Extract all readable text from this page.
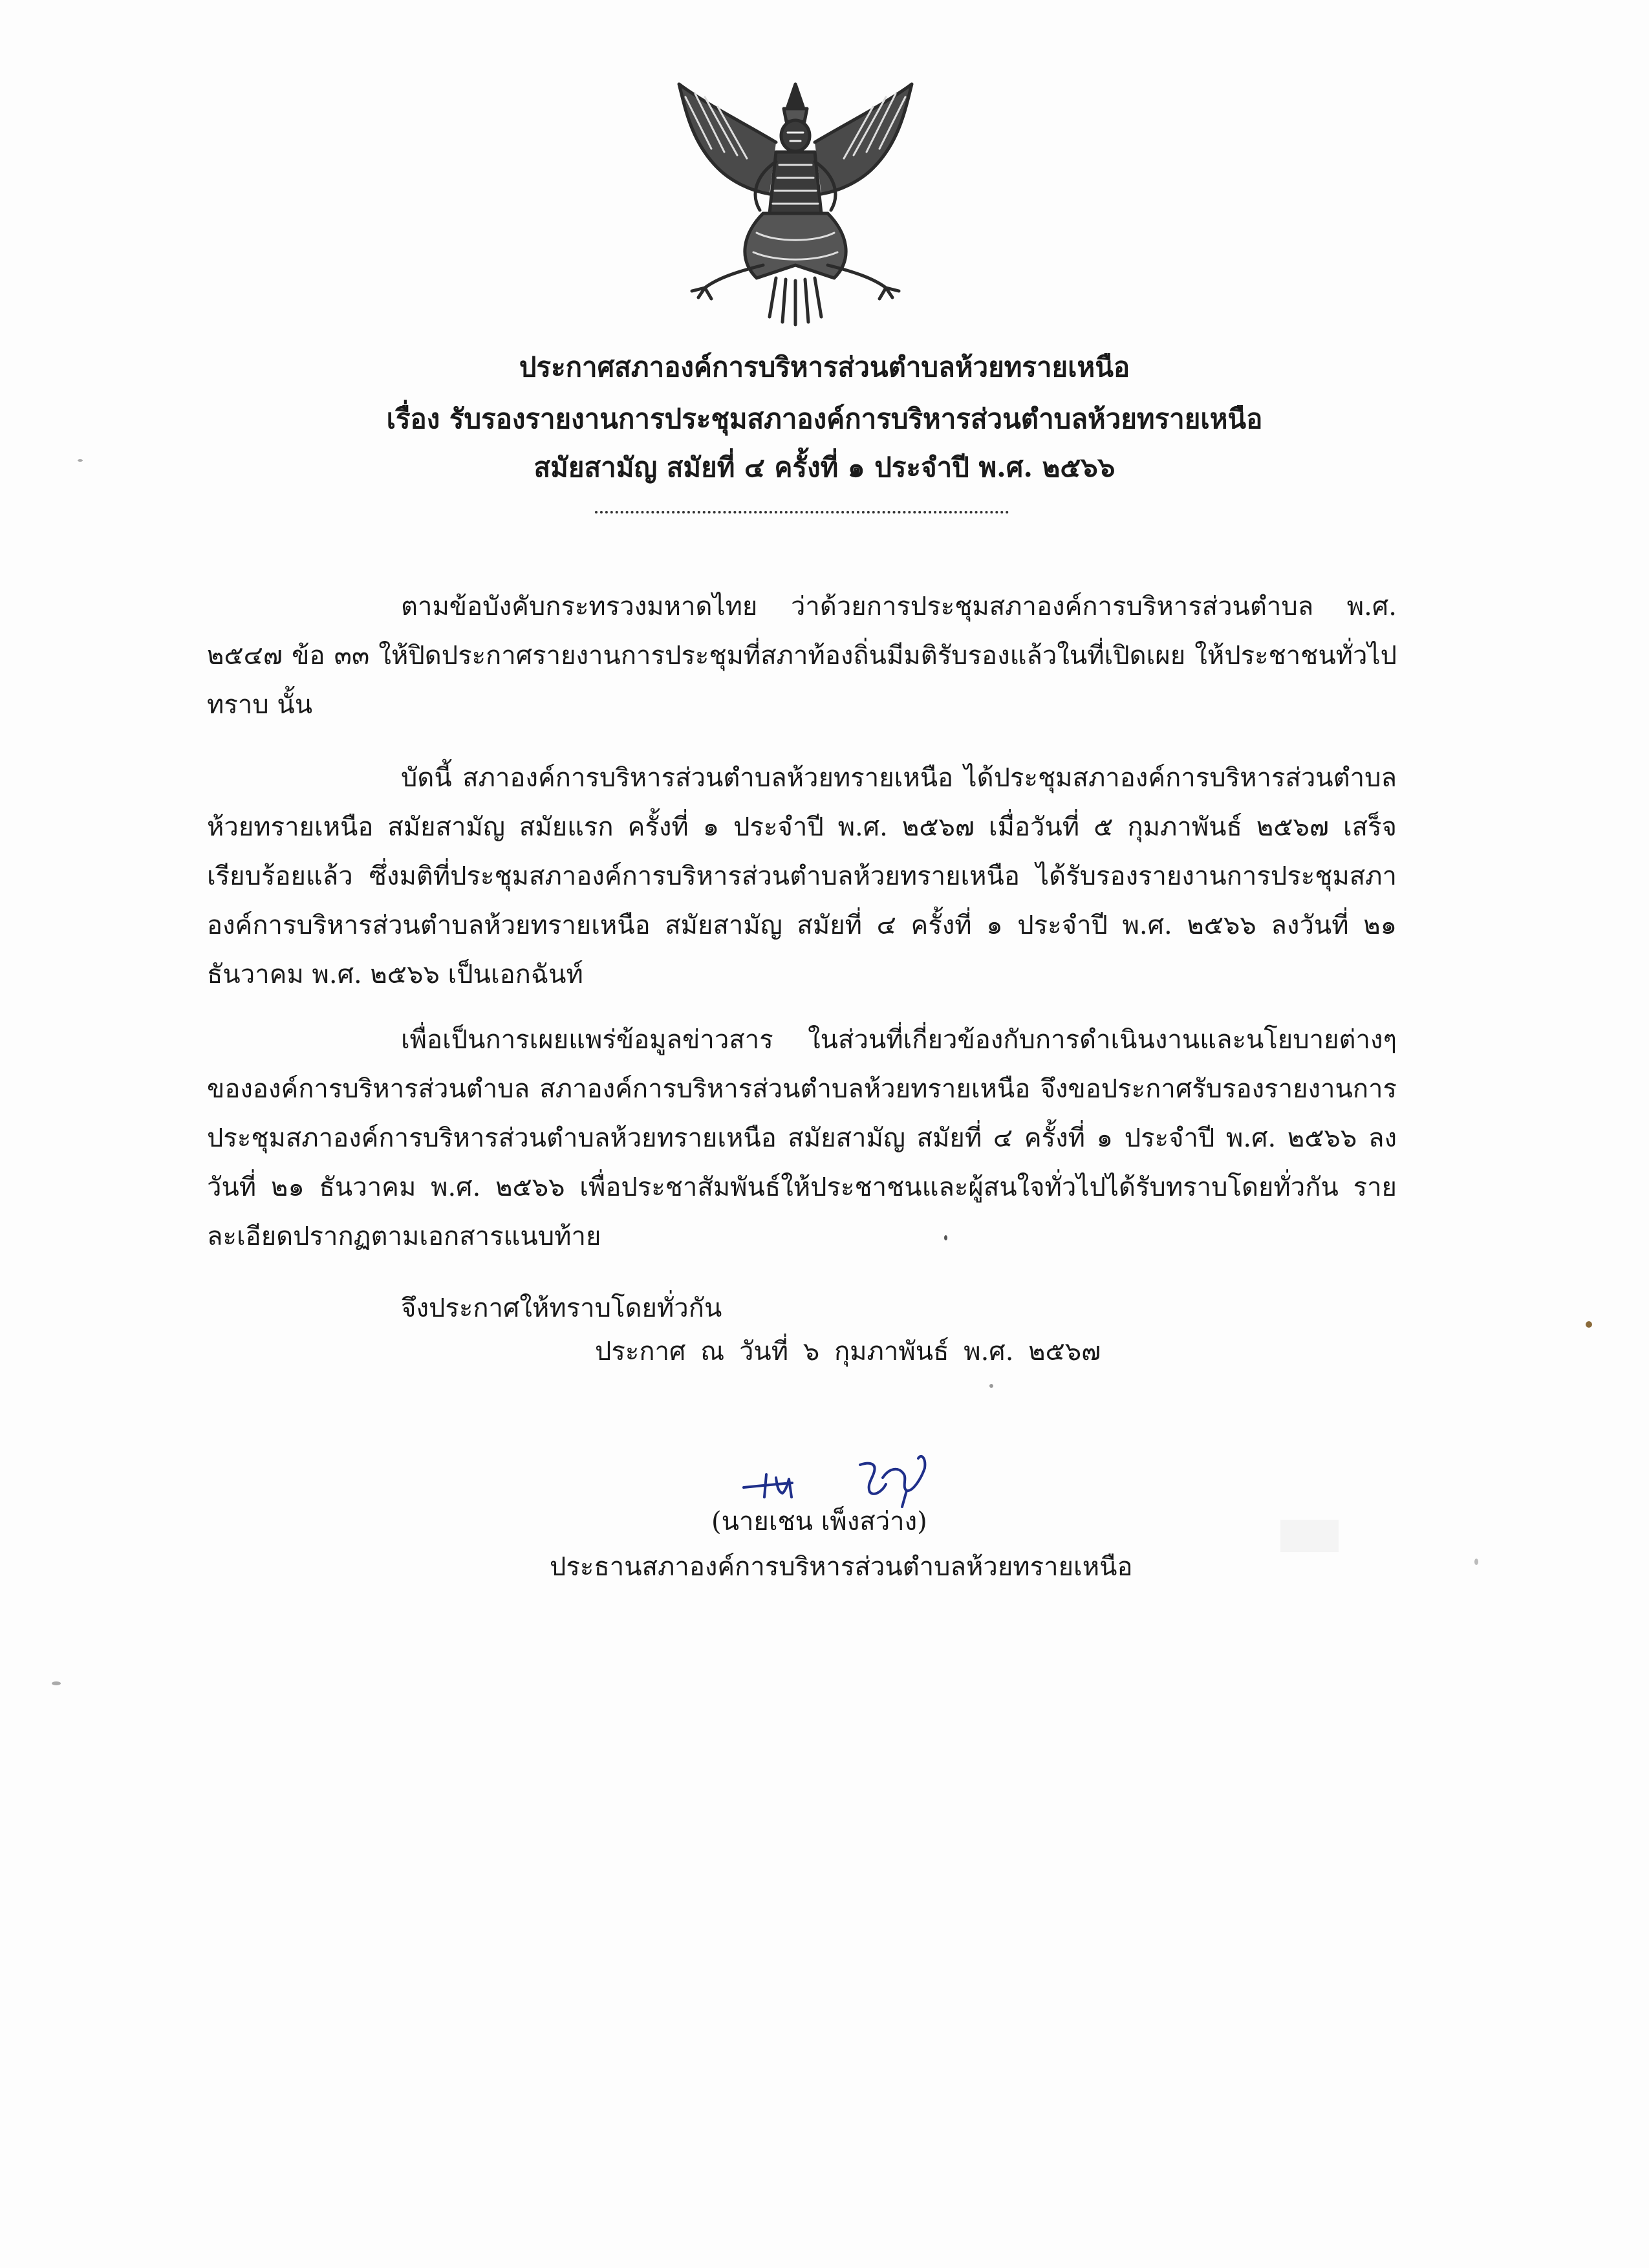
ประกาศสภาองค์การบริหารส่วนตำบลห้วยทรายเหนือ
เรื่อง รับรองรายงานการประชุมสภาองค์การบริหารส่วนตำบลห้วยทรายเหนือ
สมัยสามัญ สมัยที่ ๔ ครั้งที่ ๑ ประจำปี พ.ศ. ๒๕๖๖

ตามข้อบังคับกระทรวงมหาดไทย ว่าด้วยการประชุมสภาองค์การบริหารส่วนตำบล พ.ศ. ๒๕๔๗ ข้อ ๓๓ ให้ปิดประกาศรายงานการประชุมที่สภาท้องถิ่นมีมติรับรองแล้วในที่เปิดเผย ให้ประชาชนทั่วไปทราบ นั้น

บัดนี้ สภาองค์การบริหารส่วนตำบลห้วยทรายเหนือ ได้ประชุมสภาองค์การบริหารส่วนตำบลห้วยทรายเหนือ สมัยสามัญ สมัยแรก ครั้งที่ ๑ ประจำปี พ.ศ. ๒๕๖๗ เมื่อวันที่ ๕ กุมภาพันธ์ ๒๕๖๗ เสร็จเรียบร้อยแล้ว ซึ่งมติที่ประชุมสภาองค์การบริหารส่วนตำบลห้วยทรายเหนือ ได้รับรองรายงานการประชุมสภาองค์การบริหารส่วนตำบลห้วยทรายเหนือ สมัยสามัญ สมัยที่ ๔ ครั้งที่ ๑ ประจำปี พ.ศ. ๒๕๖๖ ลงวันที่ ๒๑ ธันวาคม พ.ศ. ๒๕๖๖ เป็นเอกฉันท์

เพื่อเป็นการเผยแพร่ข้อมูลข่าวสาร ในส่วนที่เกี่ยวข้องกับการดำเนินงานและนโยบายต่างๆ ขององค์การบริหารส่วนตำบล สภาองค์การบริหารส่วนตำบลห้วยทรายเหนือ จึงขอประกาศรับรองรายงานการประชุมสภาองค์การบริหารส่วนตำบลห้วยทรายเหนือ สมัยสามัญ สมัยที่ ๔ ครั้งที่ ๑ ประจำปี พ.ศ. ๒๕๖๖ ลงวันที่ ๒๑ ธันวาคม พ.ศ. ๒๕๖๖ เพื่อประชาสัมพันธ์ให้ประชาชนและผู้สนใจทั่วไปได้รับทราบโดยทั่วกัน รายละเอียดปรากฏตามเอกสารแนบท้าย

จึงประกาศให้ทราบโดยทั่วกัน

ประกาศ ณ วันที่ ๖ กุมภาพันธ์ พ.ศ. ๒๕๖๗
(นายเชน เพ็งสว่าง)
ประธานสภาองค์การบริหารส่วนตำบลห้วยทรายเหนือ
